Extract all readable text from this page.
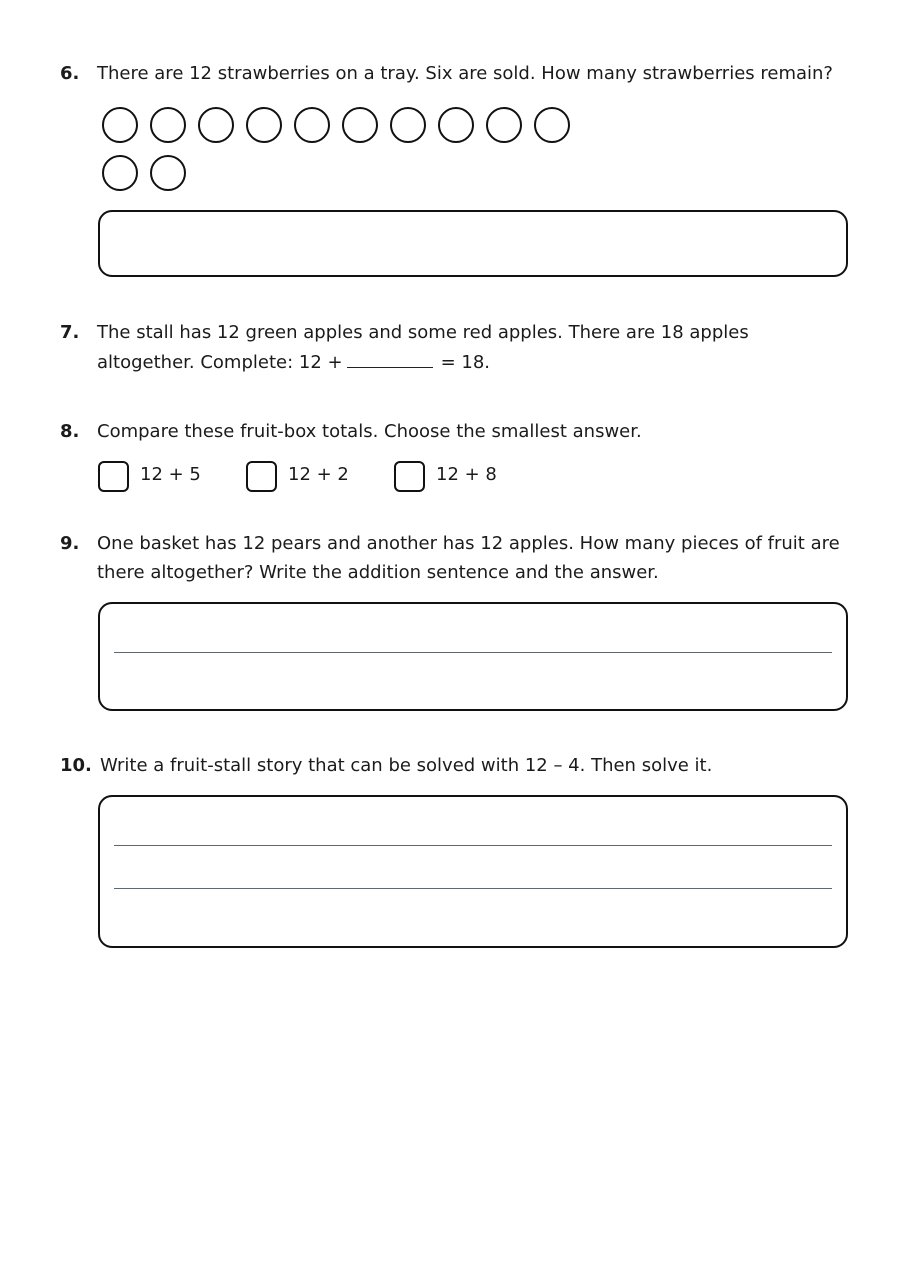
6. There are 12 strawberries on a tray. Six are sold. How many strawberries remain?
7. The stall has 12 green apples and some red apples. There are 18 apples
altogether. Complete: 12 +	= 18.
8. Compare these fruit-box totals. Choose the smallest answer.
12 + 5	12 + 2	12 + 8
9. One basket has 12 pears and another has 12 apples. How many pieces of fruit are
there altogether? Write the addition sentence and the answer.
10. Write a fruit-stall story that can be solved with 12 – 4. Then solve it.
